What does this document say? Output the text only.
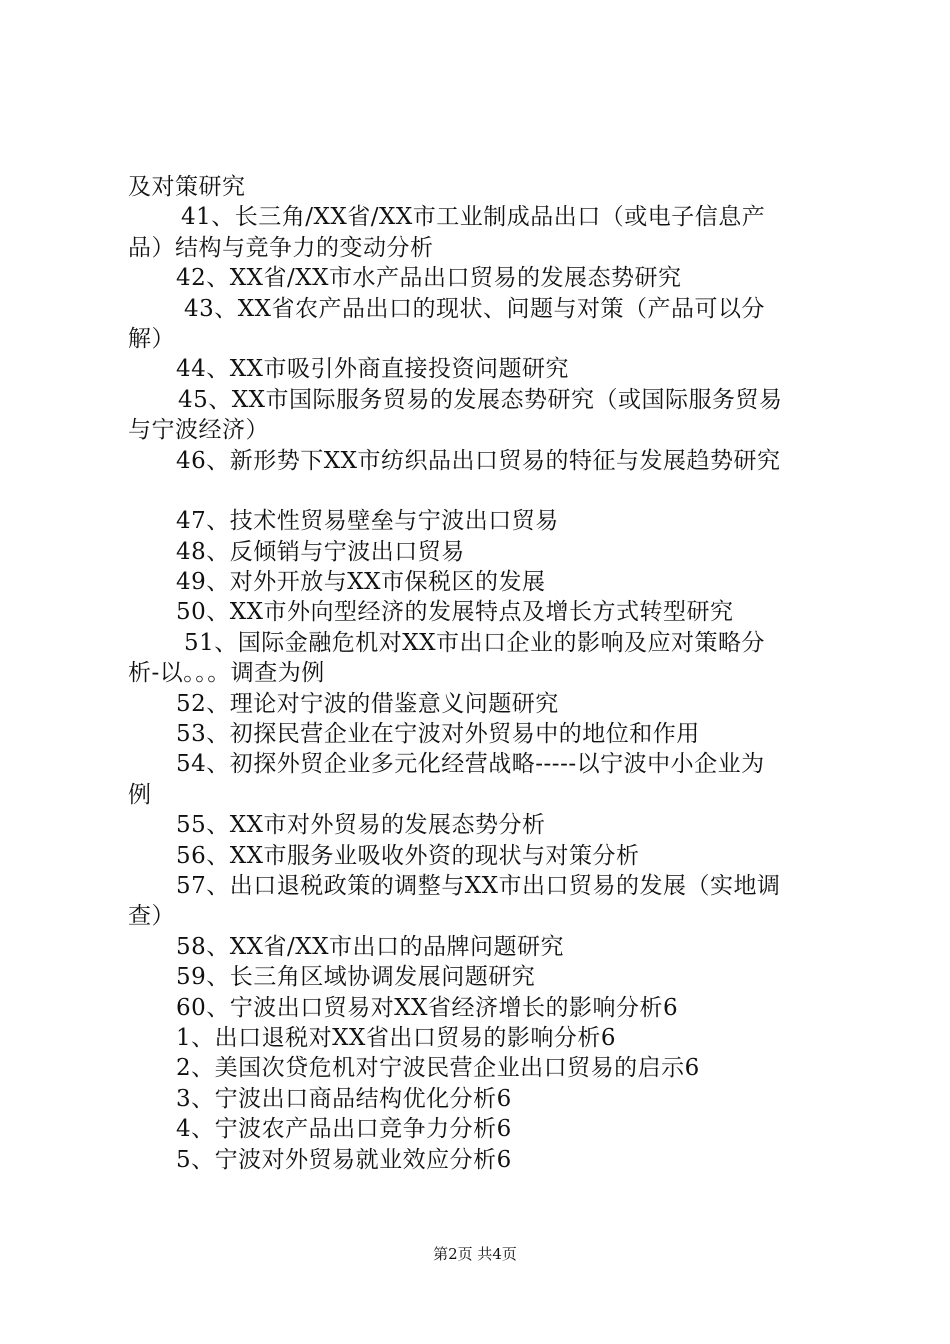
及对策研究
41、长三角/XX省/XX市工业制成品出口（或电子信息产
品）结构与竞争力的变动分析
42、XX省/XX市水产品出口贸易的发展态势研究
43、XX省农产品出口的现状、问题与对策（产品可以分
解）
44、XX市吸引外商直接投资问题研究
45、XX市国际服务贸易的发展态势研究（或国际服务贸易
与宁波经济）
46、新形势下XX市纺织品出口贸易的特征与发展趋势研究
47、技术性贸易壁垒与宁波出口贸易
48、反倾销与宁波出口贸易
49、对外开放与XX市保税区的发展
50、XX市外向型经济的发展特点及增长方式转型研究
51、国际金融危机对XX市出口企业的影响及应对策略分
析-以。。。调查为例
52、理论对宁波的借鉴意义问题研究
53、初探民营企业在宁波对外贸易中的地位和作用
54、初探外贸企业多元化经营战略-----以宁波中小企业为
例
55、XX市对外贸易的发展态势分析
56、XX市服务业吸收外资的现状与对策分析
57、出口退税政策的调整与XX市出口贸易的发展（实地调
查）
58、XX省/XX市出口的品牌问题研究
59、长三角区域协调发展问题研究
60、宁波出口贸易对XX省经济增长的影响分析6
1、出口退税对XX省出口贸易的影响分析6
2、美国次贷危机对宁波民营企业出口贸易的启示6
3、宁波出口商品结构优化分析6
4、宁波农产品出口竞争力分析6
5、宁波对外贸易就业效应分析6
第2页 共4页
